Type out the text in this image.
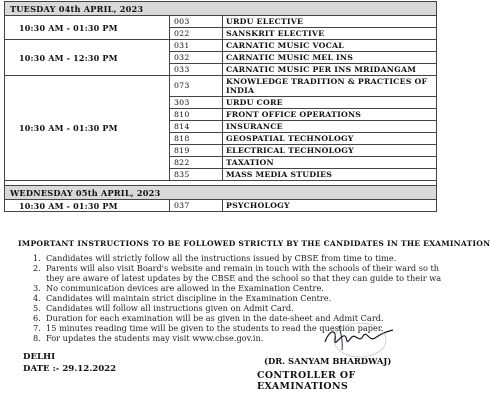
TUESDAY 04th APRIL, 2023		
10:30 AM - 01:30 PM	003	URDU ELECTIVE
	022	SANSKRIT ELECTIVE
10:30 AM - 12:30 PM	031	CARNATIC MUSIC VOCAL
	032	CARNATIC MUSIC MEL INS
	033	CARNATIC MUSIC PER INS MRIDANGAM
10:30 AM - 01:30 PM	073	KNOWLEDGE TRADITION & PRACTICES OF INDIA
	303	URDU CORE
	810	FRONT OFFICE OPERATIONS
	814	INSURANCE
	818	GEOSPATIAL TECHNOLOGY
	819	ELECTRICAL TECHNOLOGY
	822	TAXATION
	835	MASS MEDIA STUDIES

WEDNESDAY 05th APRIL, 2023		
10:30 AM - 01:30 PM	037	PSYCHOLOGY
IMPORTANT INSTRUCTIONS TO BE FOLLOWED STRICTLY BY THE CANDIDATES IN THE EXAMINATION
1. Candidates will strictly follow all the instructions issued by CBSE from time to time.
2. Parents will also visit Board's website and remain in touch with the schools of their ward so th
they are aware of latest updates by the CBSE and the school so that they can guide to their wa
3. No communication devices are allowed in the Examination Centre.
4. Candidates will maintain strict discipline in the Examination Centre.
5. Candidates will follow all instructions given on Admit Card.
6. Duration for each examination will be as given in the date-sheet and Admit Card.
7. 15 minutes reading time will be given to the students to read the question paper.
8. For updates the students may visit www.cbse.gov.in.
DELHI
DATE :- 29.12.2022
(DR. SANYAM BHARDWAJ)
CONTROLLER OF EXAMINATIONS
